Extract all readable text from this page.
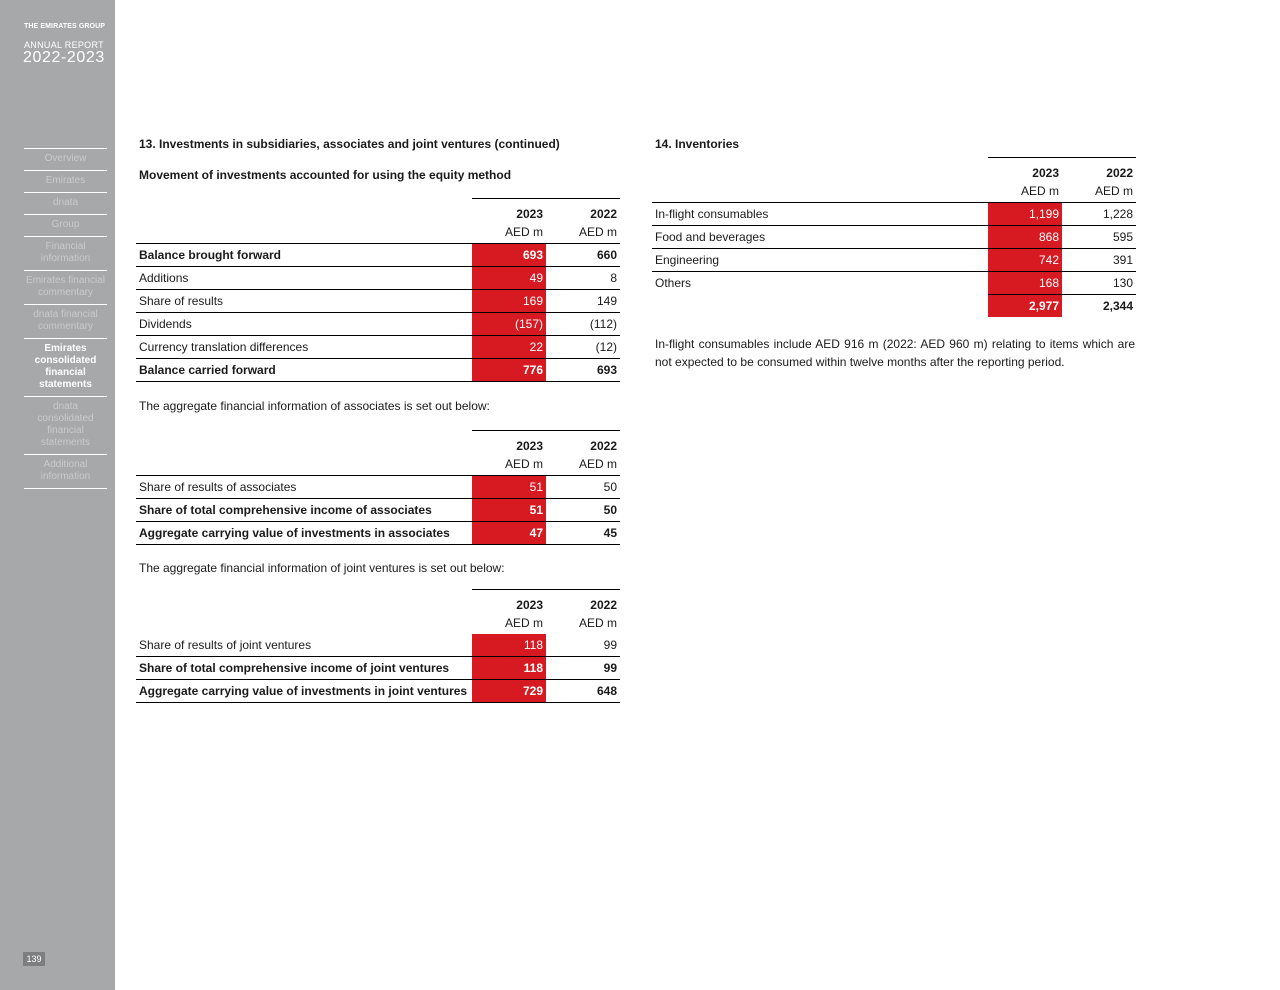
THE EMIRATES GROUP
ANNUAL REPORT
2022-2023
Overview
Emirates
dnata
Group
Financial information
Emirates financial commentary
dnata financial commentary
Emirates consolidated financial statements
dnata consolidated financial statements
Additional information
139
13. Investments in subsidiaries, associates and joint ventures (continued)
Movement of investments accounted for using the equity method
	2023	2022
	AED m	AED m
Balance brought forward	693	660
Additions	49	8
Share of results	169	149
Dividends	(157)	(112)
Currency translation differences	22	(12)
Balance carried forward	776	693
The aggregate financial information of associates is set out below:
	2023	2022
	AED m	AED m
Share of results of associates	51	50
Share of total comprehensive income of associates	51	50
Aggregate carrying value of investments in associates	47	45
The aggregate financial information of joint ventures is set out below:
	2023	2022
	AED m	AED m
Share of results of joint ventures	118	99
Share of total comprehensive income of joint ventures	118	99
Aggregate carrying value of investments in joint ventures	729	648
14. Inventories
	2023	2022
	AED m	AED m
In-flight consumables	1,199	1,228
Food and beverages	868	595
Engineering	742	391
Others	168	130
	2,977	2,344
In-flight consumables include AED 916 m (2022: AED 960 m) relating to items which are not expected to be consumed within twelve months after the reporting period.
